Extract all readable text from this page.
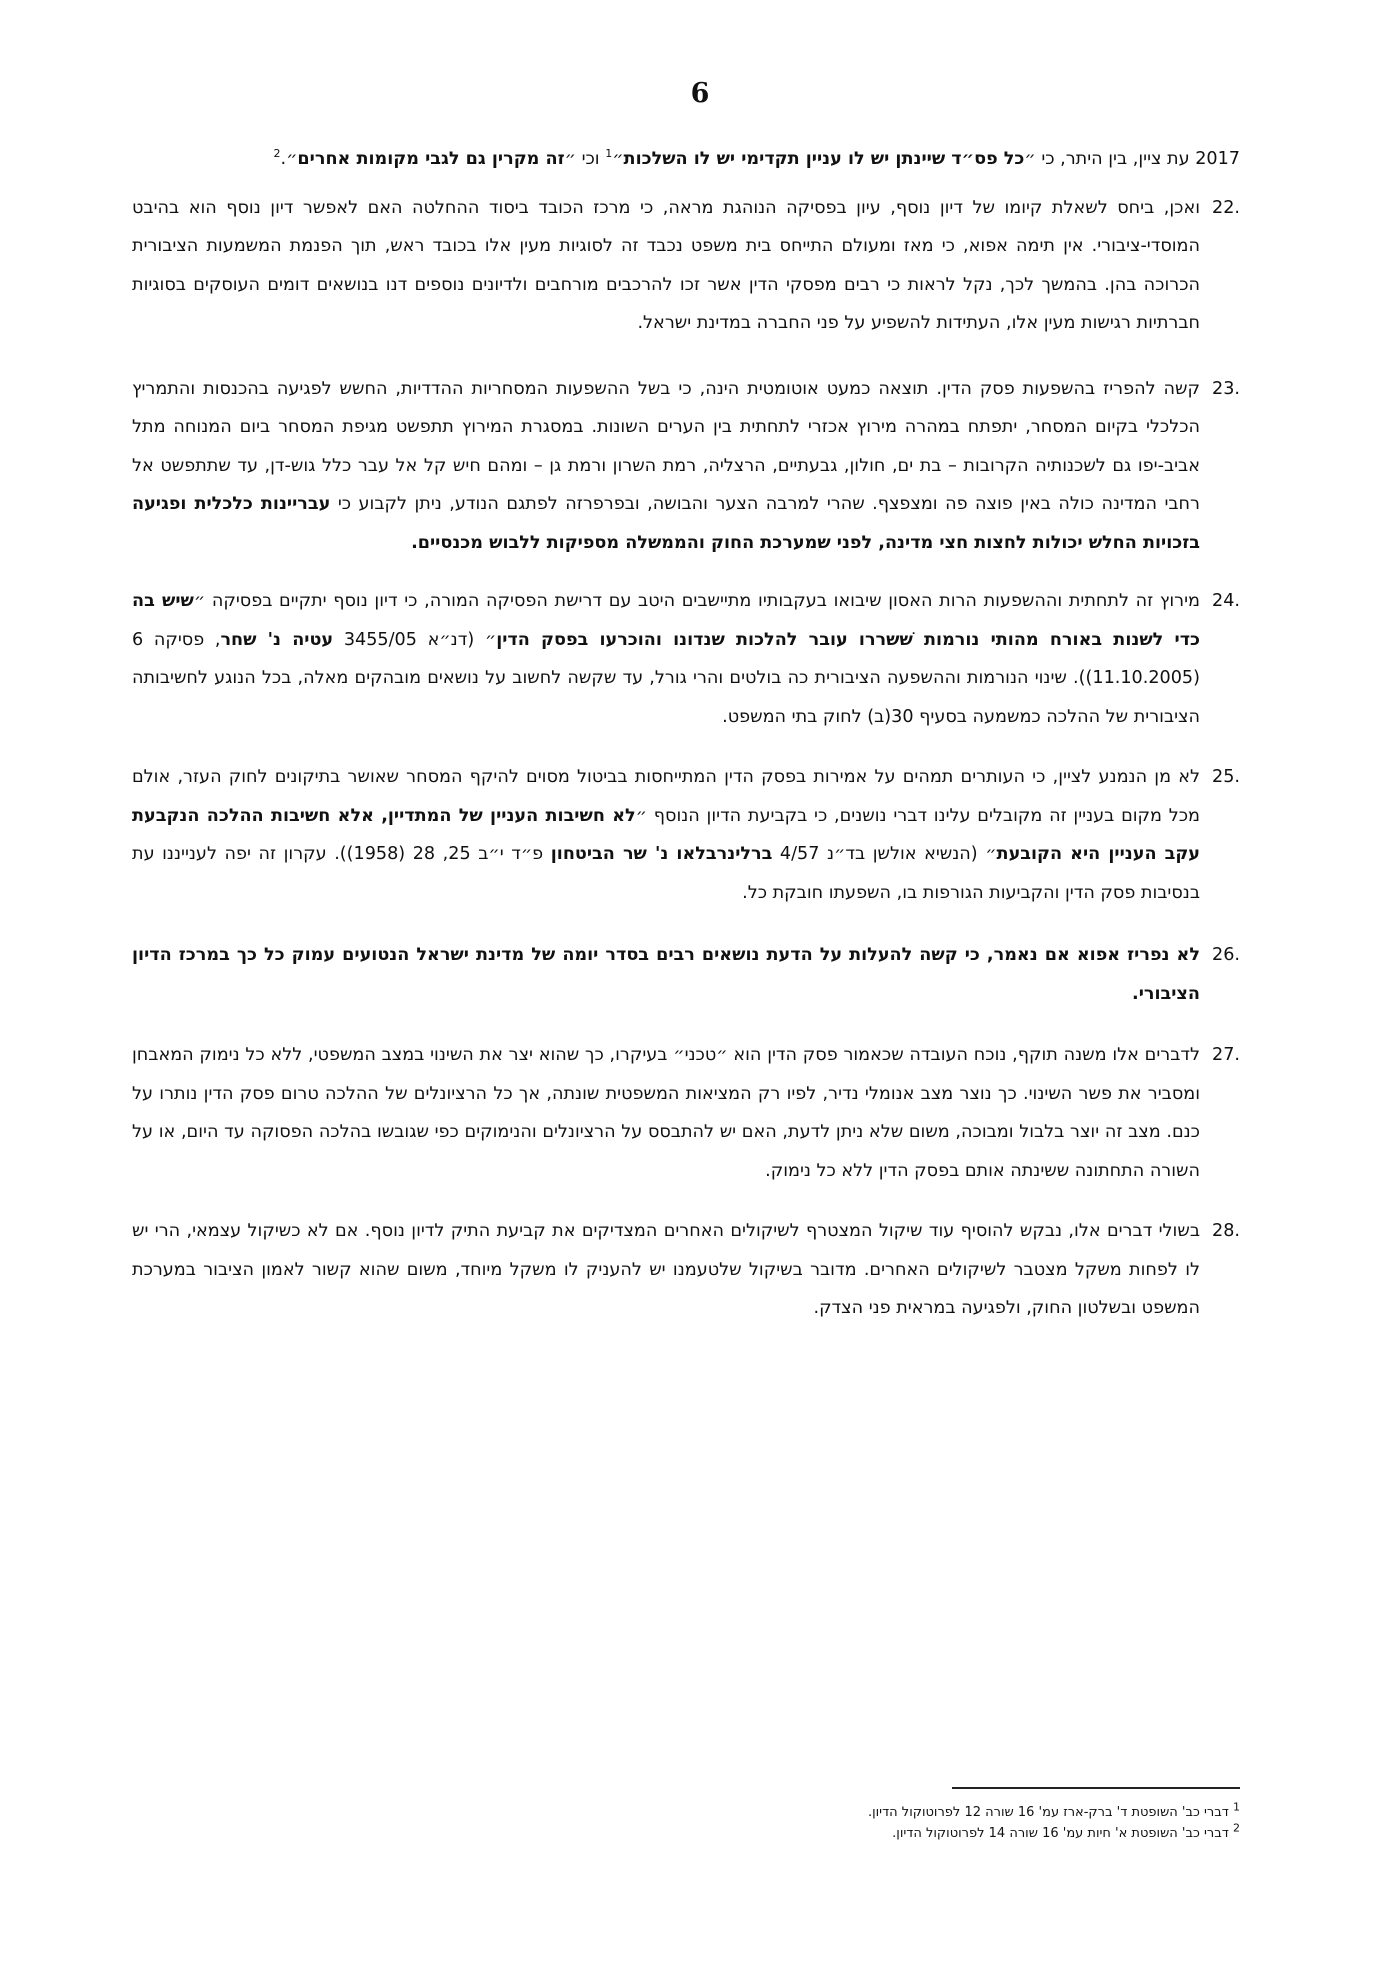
6

2017 עת ציין, בין היתר, כי ״כל פס״ד שיינתן יש לו עניין תקדימי יש לו השלכות״$^1$ וכי ״זה מקרין גם לגבי מקומות אחרים״.$^2$

22.
ואכן, ביחס לשאלת קיומו של דיון נוסף, עיון בפסיקה הנוהגת מראה, כי מרכז הכובד ביסוד ההחלטה האם לאפשר דיון נוסף הוא בהיבט המוסדי-ציבורי. אין תימה אפוא, כי מאז ומעולם התייחס בית משפט נכבד זה לסוגיות מעין אלו בכובד ראש, תוך הפנמת המשמעות הציבורית הכרוכה בהן. בהמשך לכך, נקל לראות כי רבים מפסקי הדין אשר זכו להרכבים מורחבים ולדיונים נוספים דנו בנושאים דומים העוסקים בסוגיות חברתיות רגישות מעין אלו, העתידות להשפיע על פני החברה במדינת ישראל.

23.
קשה להפריז בהשפעות פסק הדין. תוצאה כמעט אוטומטית הינה, כי בשל ההשפעות המסחריות ההדדיות, החשש לפגיעה בהכנסות והתמריץ הכלכלי בקיום המסחר, יתפתח במהרה מירוץ אכזרי לתחתית בין הערים השונות. במסגרת המירוץ תתפשט מגיפת המסחר ביום המנוחה מתל אביב-יפו גם לשכנותיה הקרובות – בת ים, חולון, גבעתיים, הרצליה, רמת השרון ורמת גן – ומהם חיש קל אל עבר כלל גוש-דן, עד שתתפשט אל רחבי המדינה כולה באין פוצה פה ומצפצף. שהרי למרבה הצער והבושה, ובפרפרזה לפתגם הנודע, ניתן לקבוע כי עבריינות כלכלית ופגיעה בזכויות החלש יכולות לחצות חצי מדינה, לפני שמערכת החוק והממשלה מספיקות ללבוש מכנסיים.

24.
מירוץ זה לתחתית וההשפעות הרות האסון שיבואו בעקבותיו מתיישבים היטב עם דרישת הפסיקה המורה, כי דיון נוסף יתקיים בפסיקה ״שיש בה כדי לשנות באורח מהותי נורמות שׁשררו עובר להלכות שנדונו והוכרעו בפסק הדין״ (דנ״א 3455/05 עטיה נ' שחר, פסיקה 6 (11.10.2005)). שינוי הנורמות וההשפעה הציבורית כה בולטים והרי גורל, עד שקשה לחשוב על נושאים מובהקים מאלה, בכל הנוגע לחשיבותה הציבורית של ההלכה כמשמעה בסעיף 30(ב) לחוק בתי המשפט.

25.
לא מן הנמנע לציין, כי העותרים תמהים על אמירות בפסק הדין המתייחסות בביטול מסוים להיקף המסחר שאושר בתיקונים לחוק העזר, אולם מכל מקום בעניין זה מקובלים עלינו דברי נושנים, כי בקביעת הדיון הנוסף ״לא חשיבות העניין של המתדיין, אלא חשיבות ההלכה הנקבעת עקב העניין היא הקובעת״ (הנשיא אולשן בד״נ 4/57 ברלינרבלאו נ' שר הביטחון פ״ד י״ב 25, 28 (1958)). עקרון זה יפה לענייננו עת בנסיבות פסק הדין והקביעות הגורפות בו, השפעתו חובקת כל.

26.
לא נפריז אפוא אם נאמר, כי קשה להעלות על הדעת נושאים רבים בסדר יומה של מדינת ישראל הנטועים עמוק כל כך במרכז הדיון הציבורי.

27.
לדברים אלו משנה תוקף, נוכח העובדה שכאמור פסק הדין הוא ״טכני״ בעיקרו, כך שהוא יצר את השינוי במצב המשפטי, ללא כל נימוק המאבחן ומסביר את פשר השינוי. כך נוצר מצב אנומלי נדיר, לפיו רק המציאות המשפטית שונתה, אך כל הרציונלים של ההלכה טרום פסק הדין נותרו על כנם. מצב זה יוצר בלבול ומבוכה, משום שלא ניתן לדעת, האם יש להתבסס על הרציונלים והנימוקים כפי שגובשו בהלכה הפסוקה עד היום, או על השורה התחתונה ששינתה אותם בפסק הדין ללא כל נימוק.

28.
בשולי דברים אלו, נבקש להוסיף עוד שיקול המצטרף לשיקולים האחרים המצדיקים את קביעת התיק לדיון נוסף. אם לא כשיקול עצמאי, הרי יש לו לפחות משקל מצטבר לשיקולים האחרים. מדובר בשיקול שלטעמנו יש להעניק לו משקל מיוחד, משום שהוא קשור לאמון הציבור במערכת המשפט ובשלטון החוק, ולפגיעה במראית פני הצדק.

$^1$ דברי כב' השופטת ד' ברק-ארז עמ' 16 שורה 12 לפרוטוקול הדיון.
$^2$ דברי כב' השופטת א' חיות עמ' 16 שורה 14 לפרוטוקול הדיון.
